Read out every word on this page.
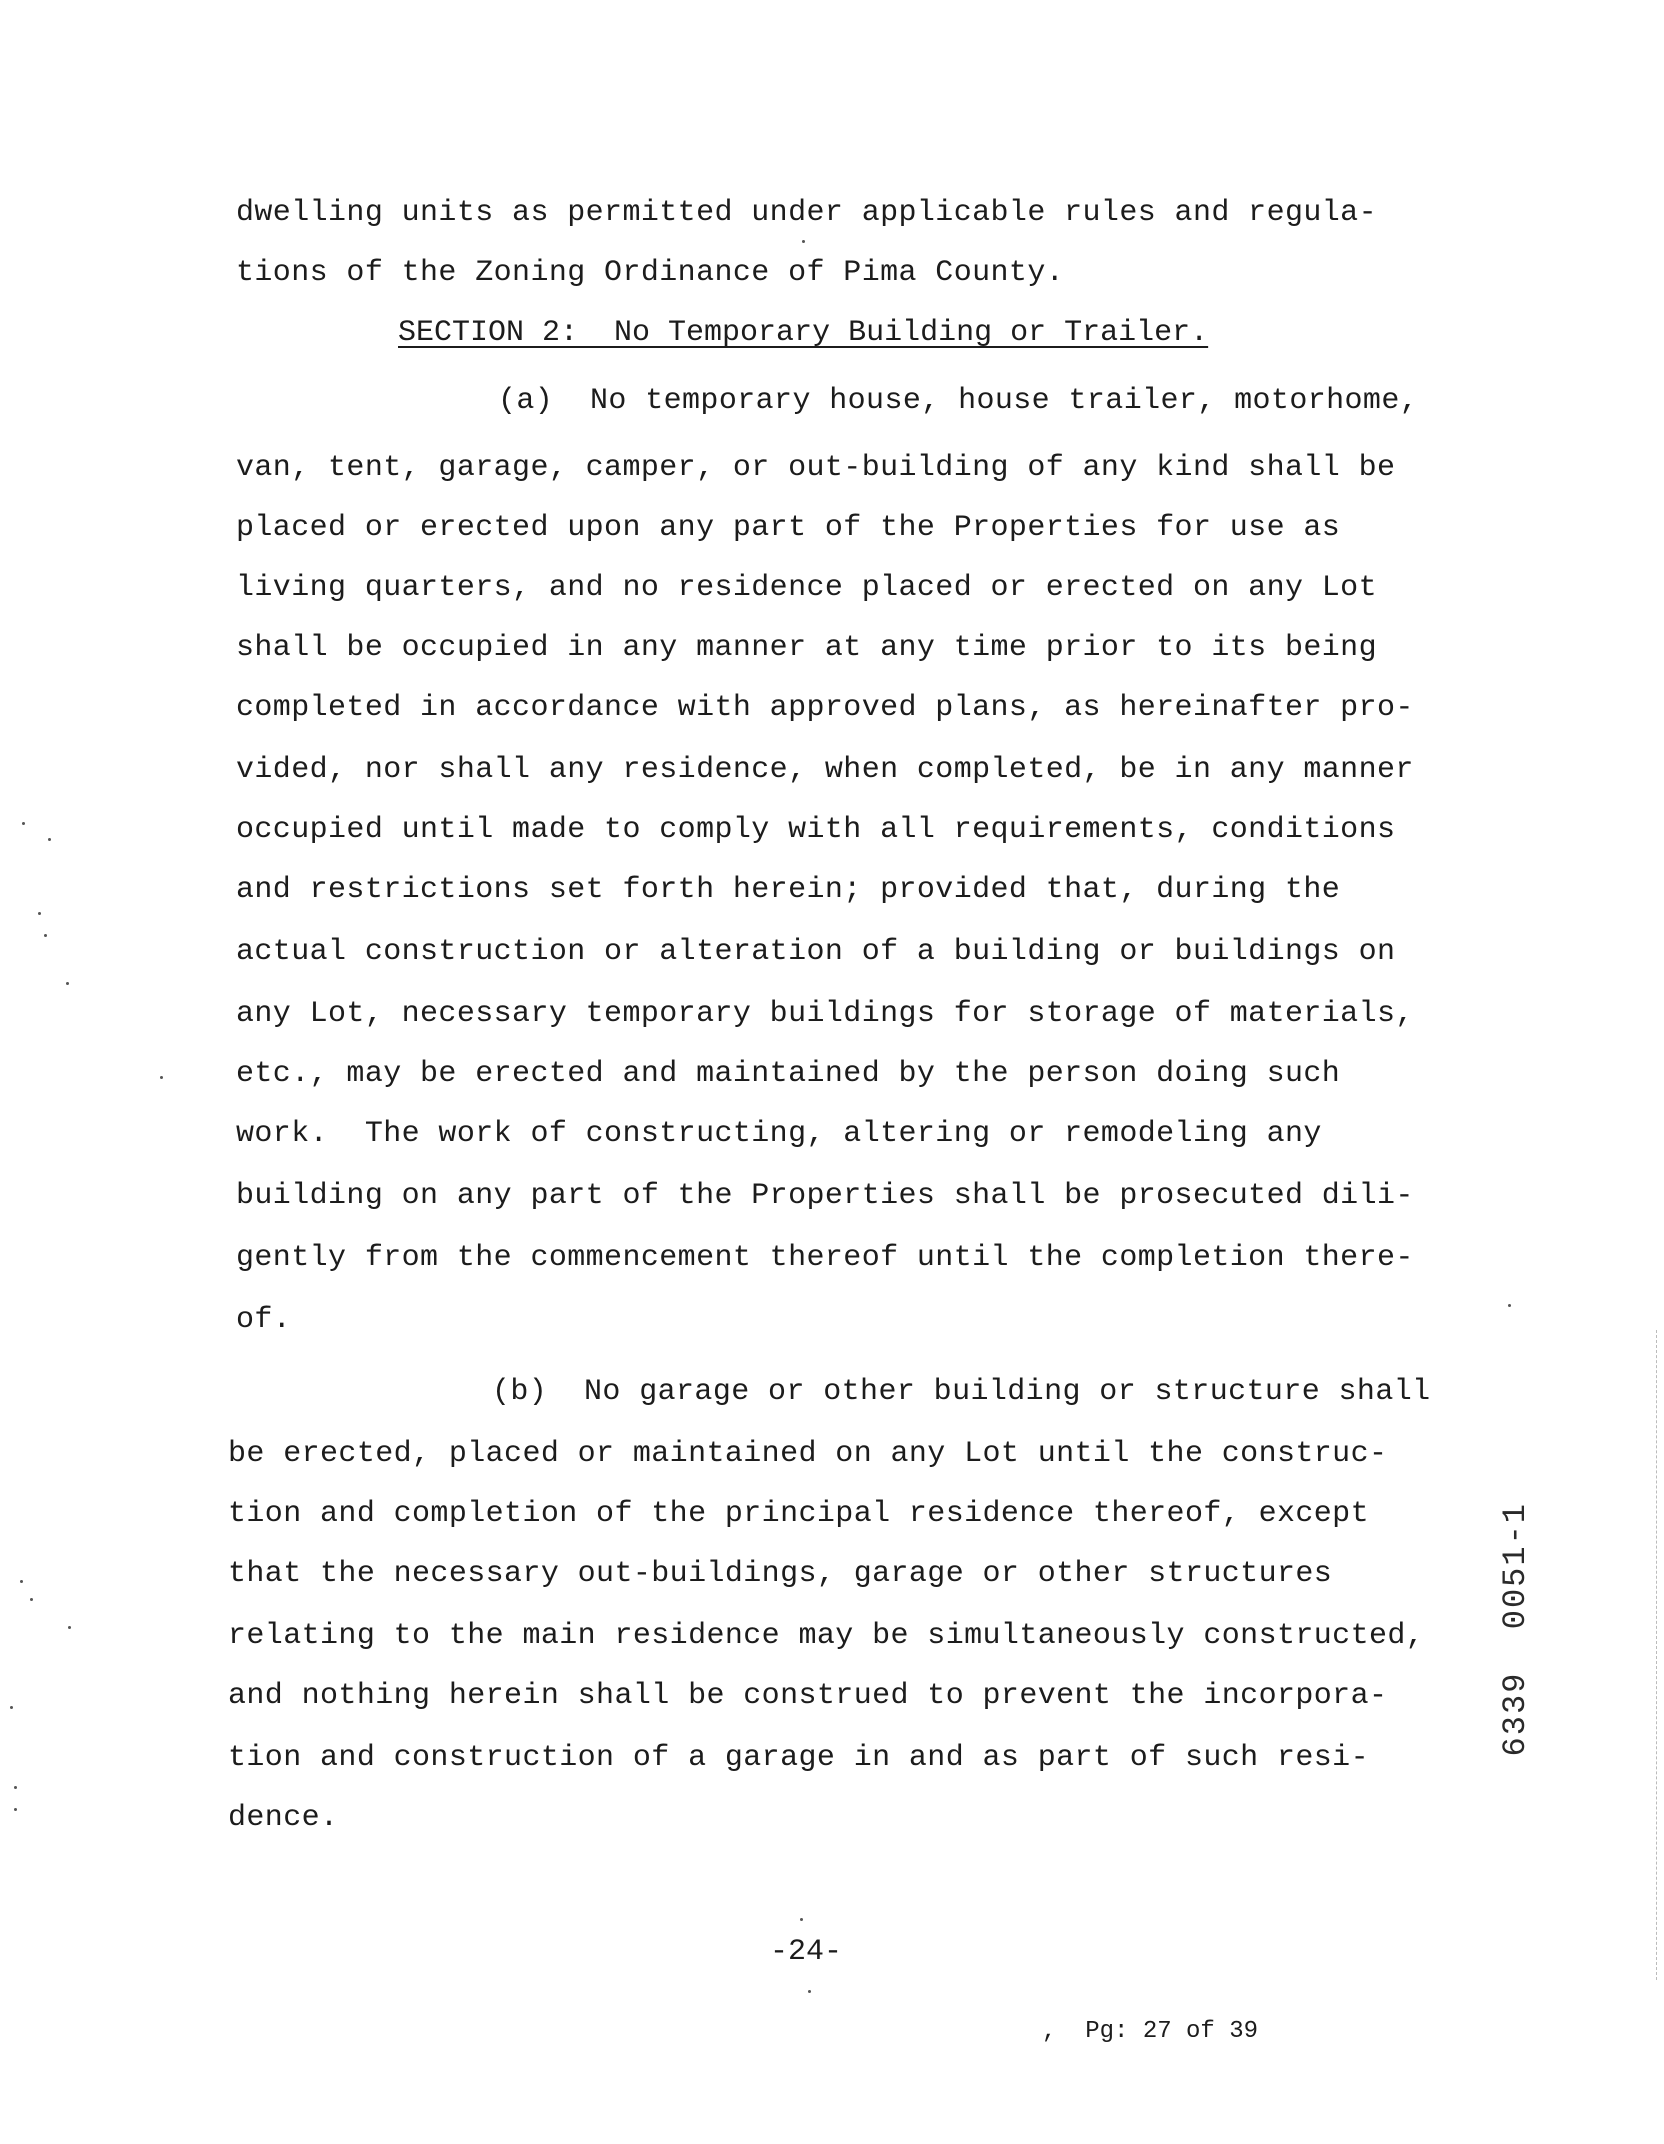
dwelling units as permitted under applicable rules and regula-
tions of the Zoning Ordinance of Pima County.
SECTION 2:  No Temporary Building or Trailer.
(a)  No temporary house, house trailer, motorhome,
van, tent, garage, camper, or out-building of any kind shall be
placed or erected upon any part of the Properties for use as
living quarters, and no residence placed or erected on any Lot
shall be occupied in any manner at any time prior to its being
completed in accordance with approved plans, as hereinafter pro-
vided, nor shall any residence, when completed, be in any manner
occupied until made to comply with all requirements, conditions
and restrictions set forth herein; provided that, during the
actual construction or alteration of a building or buildings on
any Lot, necessary temporary buildings for storage of materials,
etc., may be erected and maintained by the person doing such
work.  The work of constructing, altering or remodeling any
building on any part of the Properties shall be prosecuted dili-
gently from the commencement thereof until the completion there-
of.
(b)  No garage or other building or structure shall
be erected, placed or maintained on any Lot until the construc-
tion and completion of the principal residence thereof, except
that the necessary out-buildings, garage or other structures
relating to the main residence may be simultaneously constructed,
and nothing herein shall be construed to prevent the incorpora-
tion and construction of a garage in and as part of such resi-
dence.
-24-
,  Pg: 27 of 39
6339  0051-1
